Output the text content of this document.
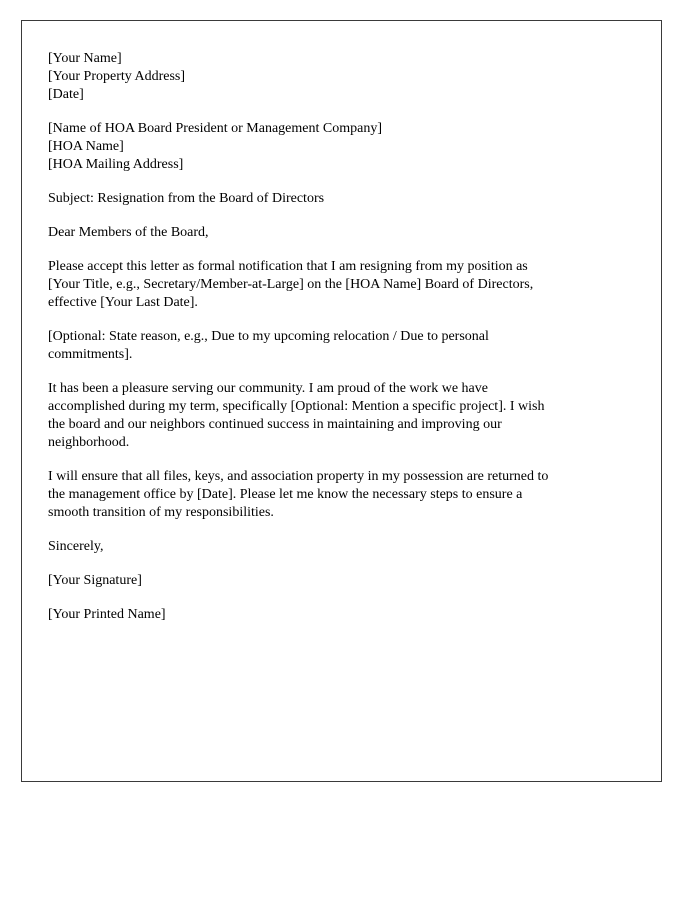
[Your Name]
[Your Property Address]
[Date]
[Name of HOA Board President or Management Company]
[HOA Name]
[HOA Mailing Address]
Subject: Resignation from the Board of Directors
Dear Members of the Board,
Please accept this letter as formal notification that I am resigning from my position as
[Your Title, e.g., Secretary/Member-at-Large] on the [HOA Name] Board of Directors,
effective [Your Last Date].
[Optional: State reason, e.g., Due to my upcoming relocation / Due to personal
commitments].
It has been a pleasure serving our community. I am proud of the work we have
accomplished during my term, specifically [Optional: Mention a specific project]. I wish
the board and our neighbors continued success in maintaining and improving our
neighborhood.
I will ensure that all files, keys, and association property in my possession are returned to
the management office by [Date]. Please let me know the necessary steps to ensure a
smooth transition of my responsibilities.
Sincerely,
[Your Signature]
[Your Printed Name]
